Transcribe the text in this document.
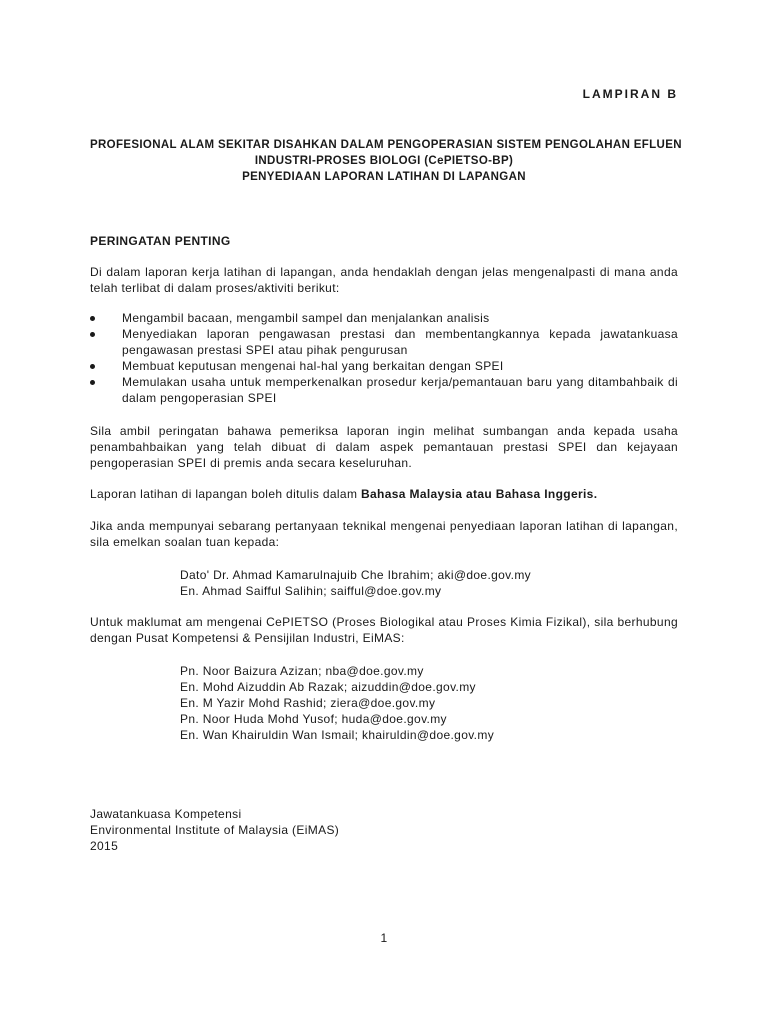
LAMPIRAN B
PROFESIONAL ALAM SEKITAR DISAHKAN DALAM PENGOPERASIAN SISTEM PENGOLAHAN EFLUEN
INDUSTRI-PROSES BIOLOGI (CePIETSO-BP)
PENYEDIAAN LAPORAN LATIHAN DI LAPANGAN
PERINGATAN PENTING
Di dalam laporan kerja latihan di lapangan, anda hendaklah dengan jelas mengenalpasti di mana anda telah terlibat di dalam proses/aktiviti berikut:
Mengambil bacaan, mengambil sampel dan menjalankan analisis
Menyediakan laporan pengawasan prestasi dan membentangkannya kepada jawatankuasa pengawasan prestasi SPEI atau pihak pengurusan
Membuat keputusan mengenai hal-hal yang berkaitan dengan SPEI
Memulakan usaha untuk memperkenalkan prosedur kerja/pemantauan baru yang ditambahbaik di dalam pengoperasian SPEI
Sila ambil peringatan bahawa pemeriksa laporan ingin melihat sumbangan anda kepada usaha penambahbaikan yang telah dibuat di dalam aspek pemantauan prestasi SPEI dan kejayaan pengoperasian SPEI di premis anda secara keseluruhan.
Laporan latihan di lapangan boleh ditulis dalam Bahasa Malaysia atau Bahasa Inggeris.
Jika anda mempunyai sebarang pertanyaan teknikal mengenai penyediaan laporan latihan di lapangan, sila emelkan soalan tuan kepada:
Dato' Dr. Ahmad Kamarulnajuib Che Ibrahim; aki@doe.gov.my
En. Ahmad Saifful Salihin; saifful@doe.gov.my
Untuk maklumat am mengenai CePIETSO (Proses Biologikal atau Proses Kimia Fizikal), sila berhubung dengan Pusat Kompetensi & Pensijilan Industri, EiMAS:
Pn. Noor Baizura Azizan; nba@doe.gov.my
En. Mohd Aizuddin Ab Razak; aizuddin@doe.gov.my
En. M Yazir Mohd Rashid; ziera@doe.gov.my
Pn. Noor Huda Mohd Yusof; huda@doe.gov.my
En. Wan Khairuldin Wan Ismail; khairuldin@doe.gov.my
Jawatankuasa Kompetensi
Environmental Institute of Malaysia (EiMAS)
2015
1
